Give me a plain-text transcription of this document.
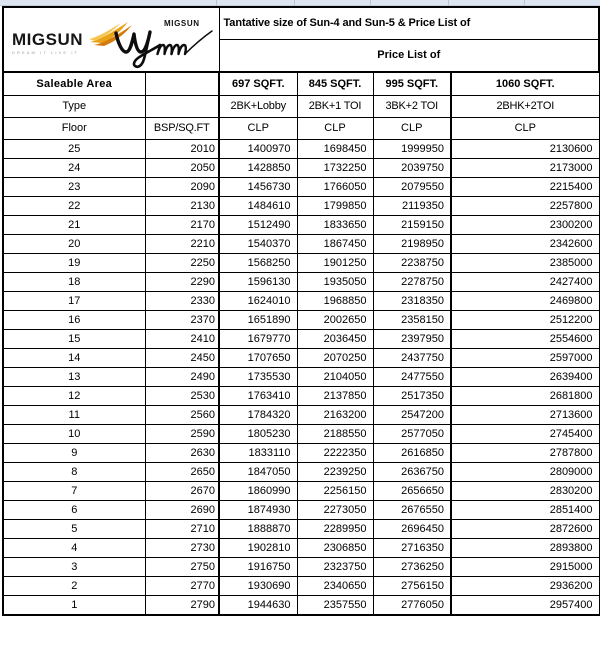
MIGSUN
DREAM IT LIVE IT
MIGSUN		Tantative size of Sun-4 and Sun-5 & Price List of			
		Price List of			
Saleable Area		697 SQFT.	845 SQFT.	995 SQFT.	1060 SQFT.
Type		2BK+Lobby	2BK+1 TOI	3BK+2 TOI	2BHK+2TOI
Floor	BSP/SQ.FT	CLP	CLP	CLP	CLP
25	2010	1400970	1698450	1999950	2130600
24	2050	1428850	1732250	2039750	2173000
23	2090	1456730	1766050	2079550	2215400
22	2130	1484610	1799850	2119350	2257800
21	2170	1512490	1833650	2159150	2300200
20	2210	1540370	1867450	2198950	2342600
19	2250	1568250	1901250	2238750	2385000
18	2290	1596130	1935050	2278750	2427400
17	2330	1624010	1968850	2318350	2469800
16	2370	1651890	2002650	2358150	2512200
15	2410	1679770	2036450	2397950	2554600
14	2450	1707650	2070250	2437750	2597000
13	2490	1735530	2104050	2477550	2639400
12	2530	1763410	2137850	2517350	2681800
11	2560	1784320	2163200	2547200	2713600
10	2590	1805230	2188550	2577050	2745400
9	2630	1833110	2222350	2616850	2787800
8	2650	1847050	2239250	2636750	2809000
7	2670	1860990	2256150	2656650	2830200
6	2690	1874930	2273050	2676550	2851400
5	2710	1888870	2289950	2696450	2872600
4	2730	1902810	2306850	2716350	2893800
3	2750	1916750	2323750	2736250	2915000
2	2770	1930690	2340650	2756150	2936200
1	2790	1944630	2357550	2776050	2957400
